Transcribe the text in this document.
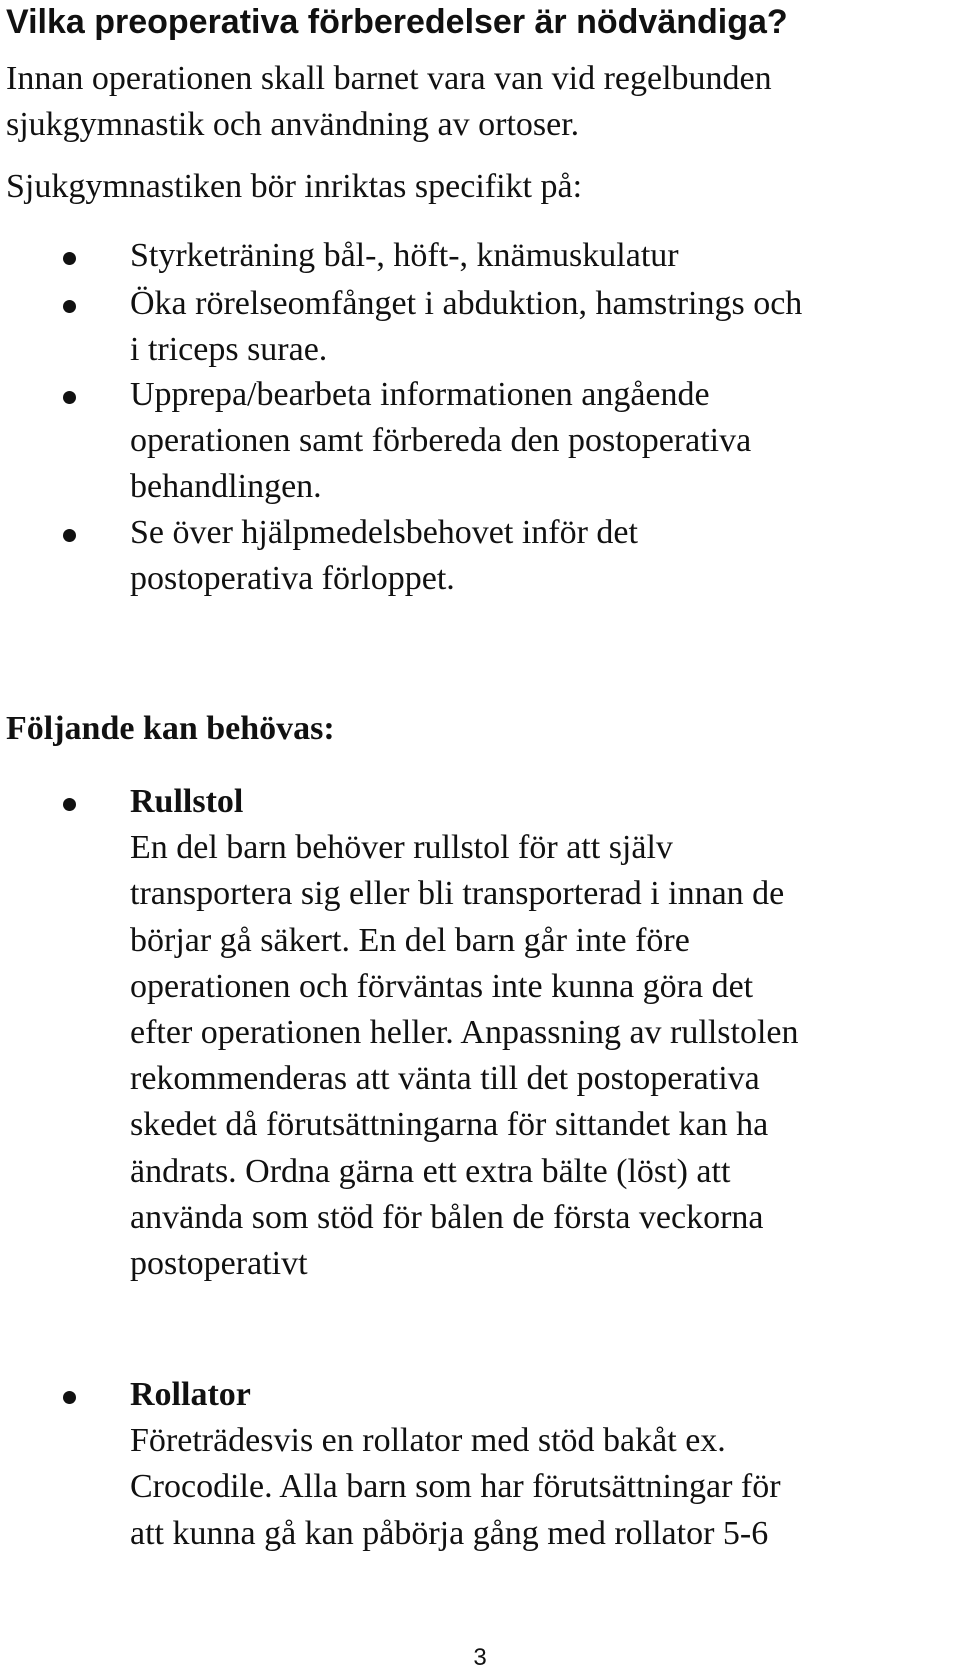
Vilka preoperativa förberedelser är nödvändiga?

Innan operationen skall barnet vara van vid regelbunden
sjukgymnastik och användning av ortoser.

Sjukgymnastiken bör inriktas specifikt på:

Styrketräning bål-, höft-, knämuskulatur

Öka rörelseomfånget i abduktion, hamstrings och
i triceps surae.

Upprepa/bearbeta informationen angående
operationen samt förbereda den postoperativa
behandlingen.

Se över hjälpmedelsbehovet inför det
postoperativa förloppet.

Följande kan behövas:

Rullstol
En del barn behöver rullstol för att själv
transportera sig eller bli transporterad i innan de
börjar gå säkert. En del barn går inte före
operationen och förväntas inte kunna göra det
efter operationen heller. Anpassning av rullstolen
rekommenderas att vänta till det postoperativa
skedet då förutsättningarna för sittandet kan ha
ändrats. Ordna gärna ett extra bälte (löst) att
använda som stöd för bålen de första veckorna
postoperativt

Rollator
Företrädesvis en rollator med stöd bakåt ex.
Crocodile. Alla barn som har förutsättningar för
att kunna gå kan påbörja gång med rollator 5-6

3
